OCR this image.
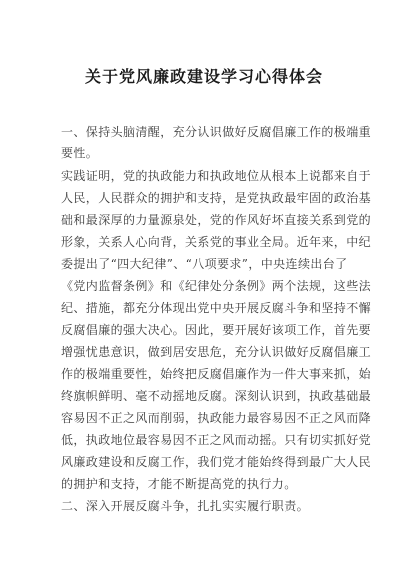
关于党风廉政建设学习心得体会
一、保持头脑清醒，充分认识做好反腐倡廉工作的极端重
要性。
实践证明，党的执政能力和执政地位从根本上说都来自于
人民，人民群众的拥护和支持，是党执政最牢固的政治基
础和最深厚的力量源泉处，党的作风好坏直接关系到党的
形象，关系人心向背，关系党的事业全局。近年来，中纪
委提出了“四大纪律”、“八项要求”，中央连续出台了
《党内监督条例》和《纪律处分条例》两个法规，这些法
纪、措施，都充分体现出党中央开展反腐斗争和坚持不懈
反腐倡廉的强大决心。因此，要开展好该项工作，首先要
增强忧患意识，做到居安思危，充分认识做好反腐倡廉工
作的极端重要性，始终把反腐倡廉作为一件大事来抓，始
终旗帜鲜明、毫不动摇地反腐。深刻认识到，执政基础最
容易因不正之风而削弱，执政能力最容易因不正之风而降
低，执政地位最容易因不正之风而动摇。只有切实抓好党
风廉政建设和反腐工作，我们党才能始终得到最广大人民
的拥护和支持，才能不断提高党的执行力。
二、深入开展反腐斗争，扎扎实实履行职责。
